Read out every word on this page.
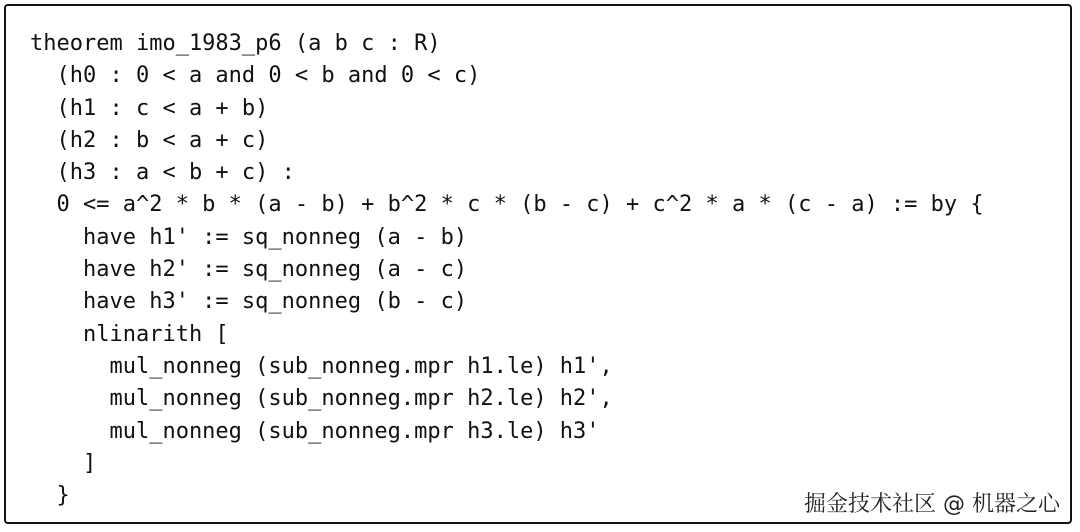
theorem imo_1983_p6 (a b c : R)
(h0 : 0 < a and 0 < b and 0 < c)
(h1 : c < a + b)
(h2 : b < a + c)
(h3 : a < b + c) :
0 <= a^2 * b * (a - b) + b^2 * c * (b - c) + c^2 * a * (c - a) := by {
have h1' := sq_nonneg (a - b)
have h2' := sq_nonneg (a - c)
have h3' := sq_nonneg (b - c)
nlinarith [
mul_nonneg (sub_nonneg.mpr h1.le) h1',
mul_nonneg (sub_nonneg.mpr h2.le) h2',
mul_nonneg (sub_nonneg.mpr h3.le) h3'
]
}	掘金技术社区 @ 机器之心
